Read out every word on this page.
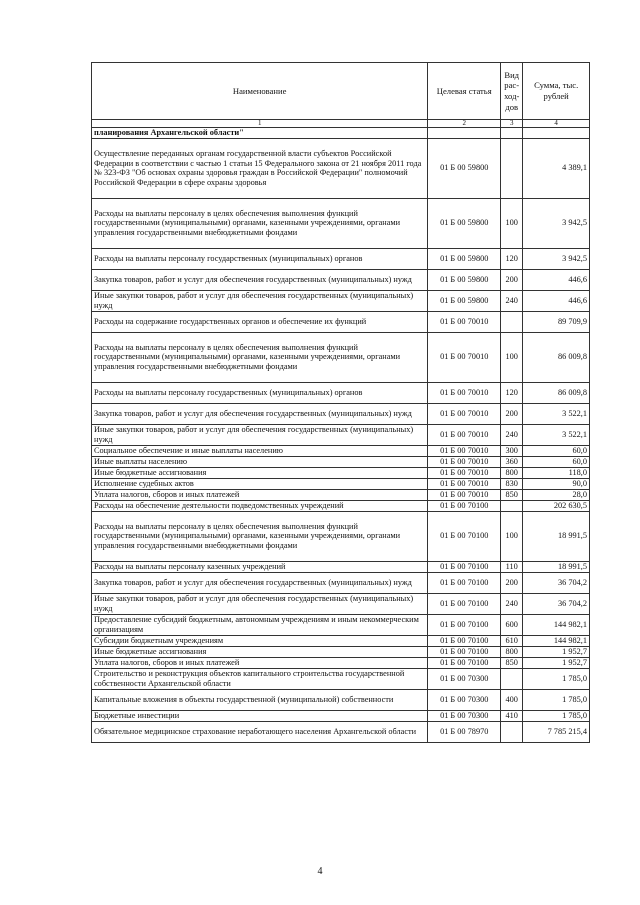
Наименование	Целевая статья	Вид рас-ход-дов	Сумма, тыс. рублей
1	2	3	4
планирования Архангельской области"			
Осуществление переданных органам государственной власти субъектов Российской Федерации в соответствии с частью 1 статьи 15 Федерального закона от 21 ноября 2011 года № 323-ФЗ "Об основах охраны здоровья граждан в Российской Федерации" полномочий Российской Федерации в сфере охраны здоровья	01 Б 00 59800		4 389,1
Расходы на выплаты персоналу в целях обеспечения выполнения функций государственными (муниципальными) органами, казенными учреждениями, органами управления государственными внебюджетными фондами	01 Б 00 59800	100	3 942,5
Расходы на выплаты персоналу государственных (муниципальных) органов	01 Б 00 59800	120	3 942,5
Закупка товаров, работ и услуг для обеспечения государственных (муниципальных) нужд	01 Б 00 59800	200	446,6
Иные закупки товаров, работ и услуг для обеспечения государственных (муниципальных) нужд	01 Б 00 59800	240	446,6
Расходы на содержание государственных органов и обеспечение их функций	01 Б 00 70010		89 709,9
Расходы на выплаты персоналу в целях обеспечения выполнения функций государственными (муниципальными) органами, казенными учреждениями, органами управления государственными внебюджетными фондами	01 Б 00 70010	100	86 009,8
Расходы на выплаты персоналу государственных (муниципальных) органов	01 Б 00 70010	120	86 009,8
Закупка товаров, работ и услуг для обеспечения государственных (муниципальных) нужд	01 Б 00 70010	200	3 522,1
Иные закупки товаров, работ и услуг для обеспечения государственных (муниципальных) нужд	01 Б 00 70010	240	3 522,1
Социальное обеспечение и иные выплаты населению	01 Б 00 70010	300	60,0
Иные выплаты населению	01 Б 00 70010	360	60,0
Иные бюджетные ассигнования	01 Б 00 70010	800	118,0
Исполнение судебных актов	01 Б 00 70010	830	90,0
Уплата налогов, сборов и иных платежей	01 Б 00 70010	850	28,0
Расходы на обеспечение деятельности подведомственных учреждений	01 Б 00 70100		202 630,5
Расходы на выплаты персоналу в целях обеспечения выполнения функций государственными (муниципальными) органами, казенными учреждениями, органами управления государственными внебюджетными фондами	01 Б 00 70100	100	18 991,5
Расходы на выплаты персоналу казенных учреждений	01 Б 00 70100	110	18 991,5
Закупка товаров, работ и услуг для обеспечения государственных (муниципальных) нужд	01 Б 00 70100	200	36 704,2
Иные закупки товаров, работ и услуг для обеспечения государственных (муниципальных) нужд	01 Б 00 70100	240	36 704,2
Предоставление субсидий бюджетным, автономным учреждениям и иным некоммерческим организациям	01 Б 00 70100	600	144 982,1
Субсидии бюджетным учреждениям	01 Б 00 70100	610	144 982,1
Иные бюджетные ассигнования	01 Б 00 70100	800	1 952,7
Уплата налогов, сборов и иных платежей	01 Б 00 70100	850	1 952,7
Строительство и реконструкция объектов капитального строительства государственной собственности Архангельской области	01 Б 00 70300		1 785,0
Капитальные вложения в объекты государственной (муниципальной) собственности	01 Б 00 70300	400	1 785,0
Бюджетные инвестиции	01 Б 00 70300	410	1 785,0
Обязательное медицинское страхование неработающего населения Архангельской области	01 Б 00 78970		7 785 215,4
4
